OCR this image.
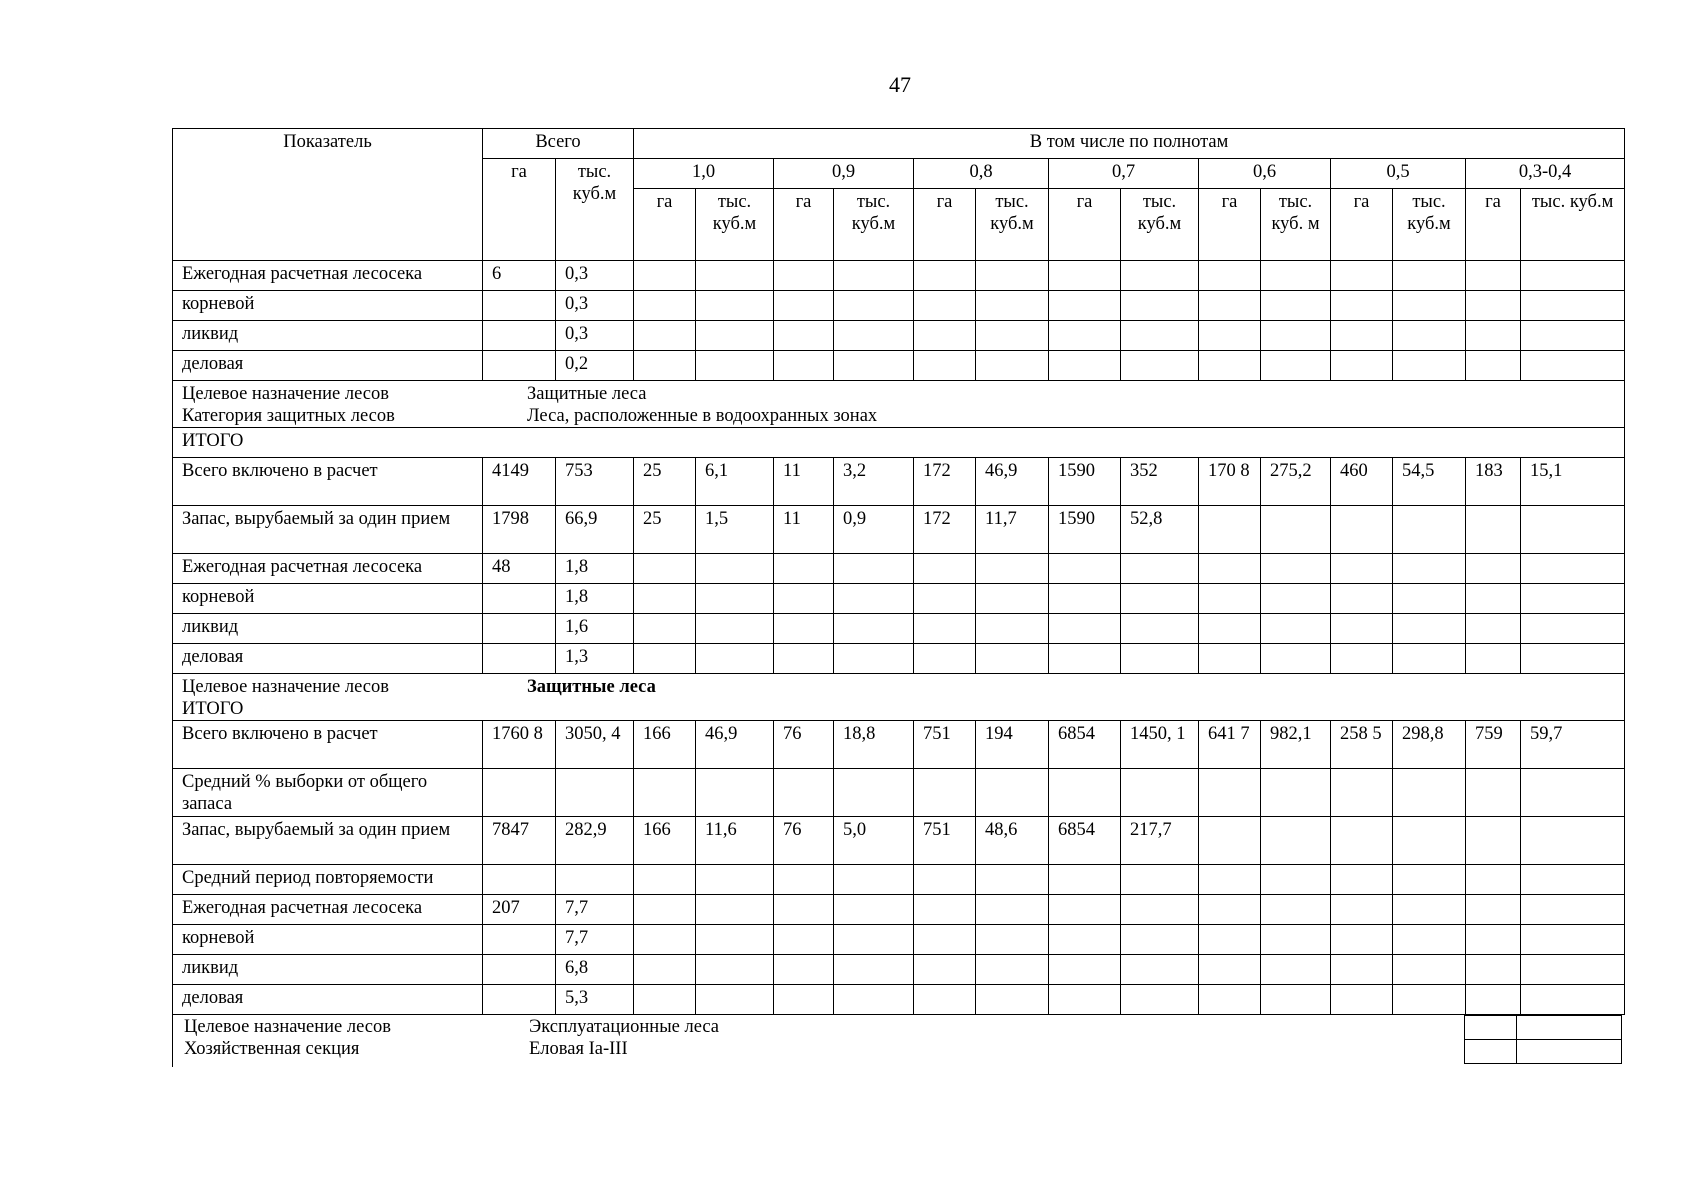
47
Показатель	Всего		В том числе по полнотам													
	га	тыс. куб.м	1,0		0,9		0,8		0,7		0,6		0,5		0,3-0,4	
			га	тыс. куб.м	га	тыс. куб.м	га	тыс. куб.м	га	тыс. куб.м	га	тыс. куб. м	га	тыс. куб.м	га	тыс. куб.м
Ежегодная расчетная лесосека	6	0,3														
корневой		0,3														
ликвид		0,3														
деловая		0,2														

Целевое назначение лесов Защитные леса
Категория защитных лесов Леса, расположенные в водоохранных зонах																

ИТОГО																

Всего включено в расчет	4149	753	25	6,1	11	3,2	172	46,9	1590	352	170 8	275,2	460	54,5	183	15,1
Запас, вырубаемый за один прием	1798	66,9	25	1,5	11	0,9	172	11,7	1590	52,8						
Ежегодная расчетная лесосека	48	1,8														
корневой		1,8														
ликвид		1,6														
деловая		1,3														

Целевое назначение лесов Защитные леса
ИТОГО																

Всего включено в расчет	1760 8	3050, 4	166	46,9	76	18,8	751	194	6854	1450, 1	641 7	982,1	258 5	298,8	759	59,7
Средний % выборки от общего запаса																
Запас, вырубаемый за один прием	7847	282,9	166	11,6	76	5,0	751	48,6	6854	217,7						
Средний период повторяемости																
Ежегодная расчетная лесосека	207	7,7														
корневой		7,7														
ликвид		6,8														
деловая		5,3														
Целевое назначение лесов	Эксплуатационные леса
Хозяйственная секция	Еловая Ia-III
